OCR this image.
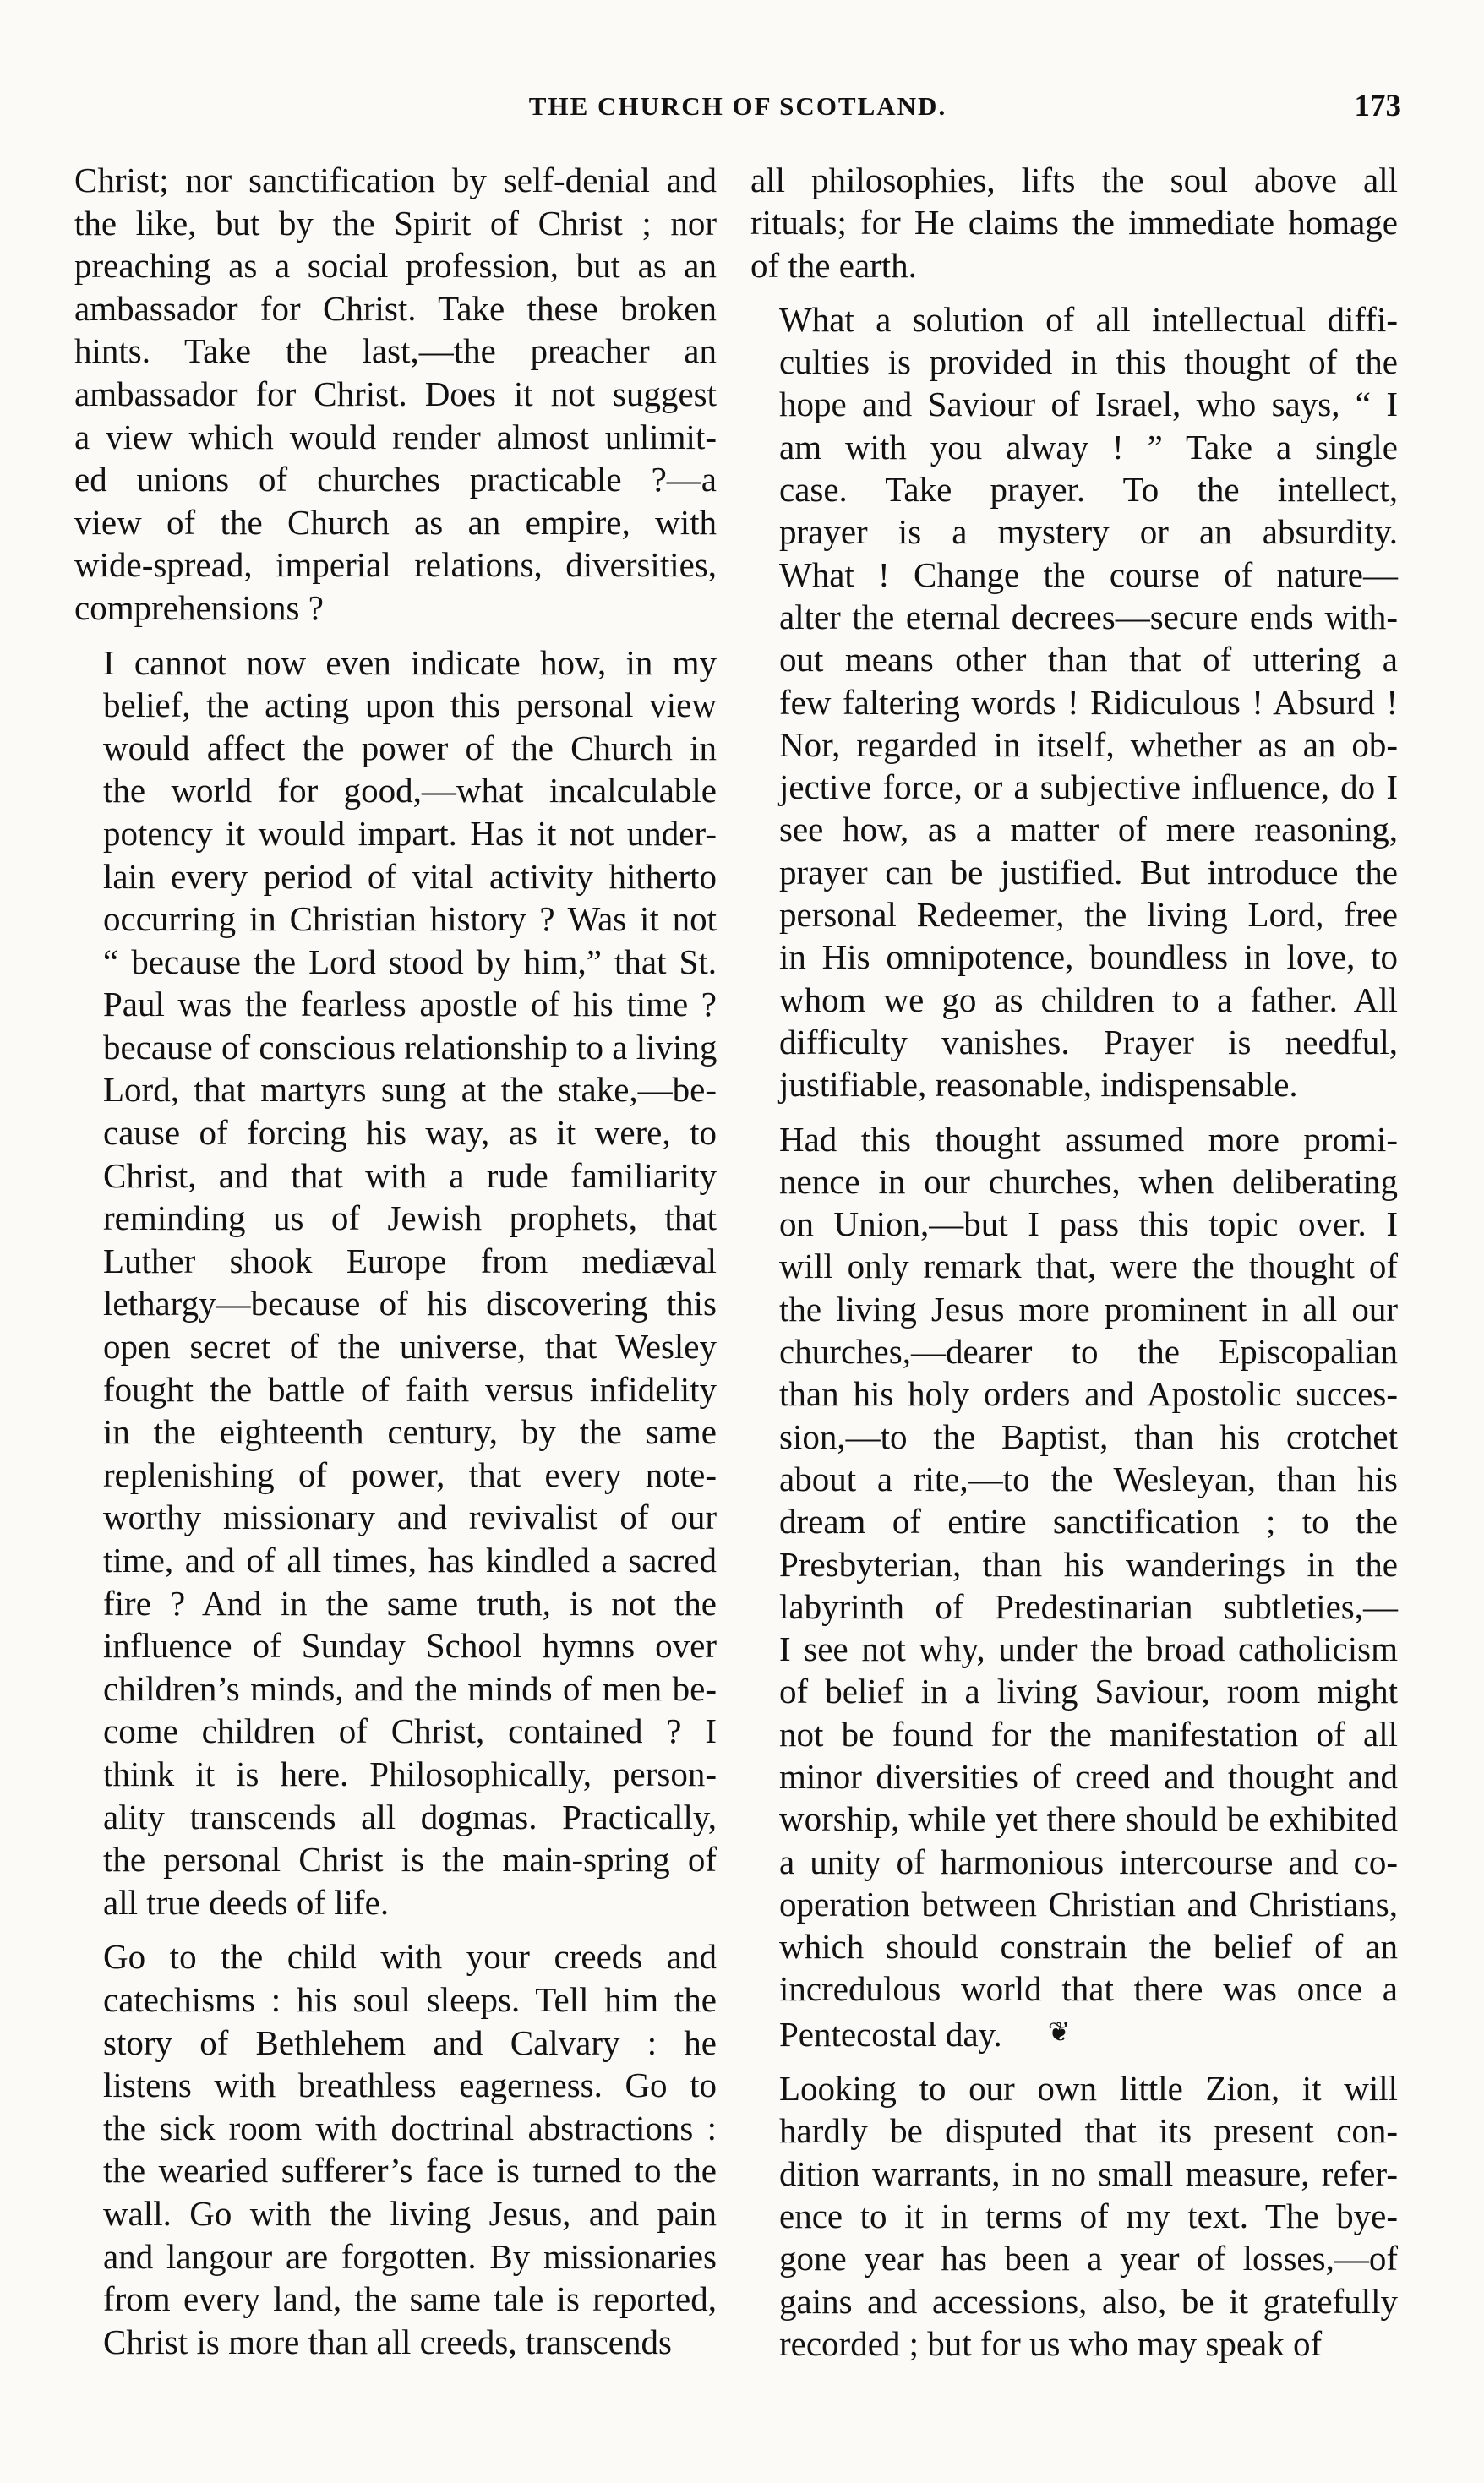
THE CHURCH OF SCOTLAND.	173
Christ; nor sanctification by self-denial and
the like, but by the Spirit of Christ ; nor
preaching as a social profession, but as an
ambassador for Christ. Take these broken
hints. Take the last,—the preacher an
ambassador for Christ. Does it not suggest
a view which would render almost unlimit-
ed unions of churches practicable ?—a
view of the Church as an empire, with
wide-spread, imperial relations, diversities,
comprehensions ?
I cannot now even indicate how, in my
belief, the acting upon this personal view
would affect the power of the Church in
the world for good,—what incalculable
potency it would impart. Has it not under-
lain every period of vital activity hitherto
occurring in Christian history ? Was it not
“ because the Lord stood by him,” that St.
Paul was the fearless apostle of his time ?
because of conscious relationship to a living
Lord, that martyrs sung at the stake,—be-
cause of forcing his way, as it were, to
Christ, and that with a rude familiarity
reminding us of Jewish prophets, that
Luther shook Europe from mediæval
lethargy—because of his discovering this
open secret of the universe, that Wesley
fought the battle of faith versus infidelity
in the eighteenth century, by the same
replenishing of power, that every note-
worthy missionary and revivalist of our
time, and of all times, has kindled a sacred
fire ? And in the same truth, is not the
influence of Sunday School hymns over
children’s minds, and the minds of men be-
come children of Christ, contained ? I
think it is here. Philosophically, person-
ality transcends all dogmas. Practically,
the personal Christ is the main-spring of
all true deeds of life.
Go to the child with your creeds and
catechisms : his soul sleeps. Tell him the
story of Bethlehem and Calvary : he
listens with breathless eagerness. Go to
the sick room with doctrinal abstractions :
the wearied sufferer’s face is turned to the
wall. Go with the living Jesus, and pain
and langour are forgotten. By missionaries
from every land, the same tale is reported,
Christ is more than all creeds, transcends
all philosophies, lifts the soul above all
rituals; for He claims the immediate homage
of the earth.
What a solution of all intellectual diffi-
culties is provided in this thought of the
hope and Saviour of Israel, who says, “ I
am with you alway ! ” Take a single
case. Take prayer. To the intellect,
prayer is a mystery or an absurdity.
What ! Change the course of nature—
alter the eternal decrees—secure ends with-
out means other than that of uttering a
few faltering words ! Ridiculous ! Absurd !
Nor, regarded in itself, whether as an ob-
jective force, or a subjective influence, do I
see how, as a matter of mere reasoning,
prayer can be justified. But introduce the
personal Redeemer, the living Lord, free
in His omnipotence, boundless in love, to
whom we go as children to a father. All
difficulty vanishes. Prayer is needful,
justifiable, reasonable, indispensable.
Had this thought assumed more promi-
nence in our churches, when deliberating
on Union,—but I pass this topic over. I
will only remark that, were the thought of
the living Jesus more prominent in all our
churches,—dearer to the Episcopalian
than his holy orders and Apostolic succes-
sion,—to the Baptist, than his crotchet
about a rite,—to the Wesleyan, than his
dream of entire sanctification ; to the
Presbyterian, than his wanderings in the
labyrinth of Predestinarian subtleties,—
I see not why, under the broad catholicism
of belief in a living Saviour, room might
not be found for the manifestation of all
minor diversities of creed and thought and
worship, while yet there should be exhibited
a unity of harmonious intercourse and co-
operation between Christian and Christians,
which should constrain the belief of an
incredulous world that there was once a
Pentecostal day. ❦
Looking to our own little Zion, it will
hardly be disputed that its present con-
dition warrants, in no small measure, refer-
ence to it in terms of my text. The bye-
gone year has been a year of losses,—of
gains and accessions, also, be it gratefully
recorded ; but for us who may speak of
